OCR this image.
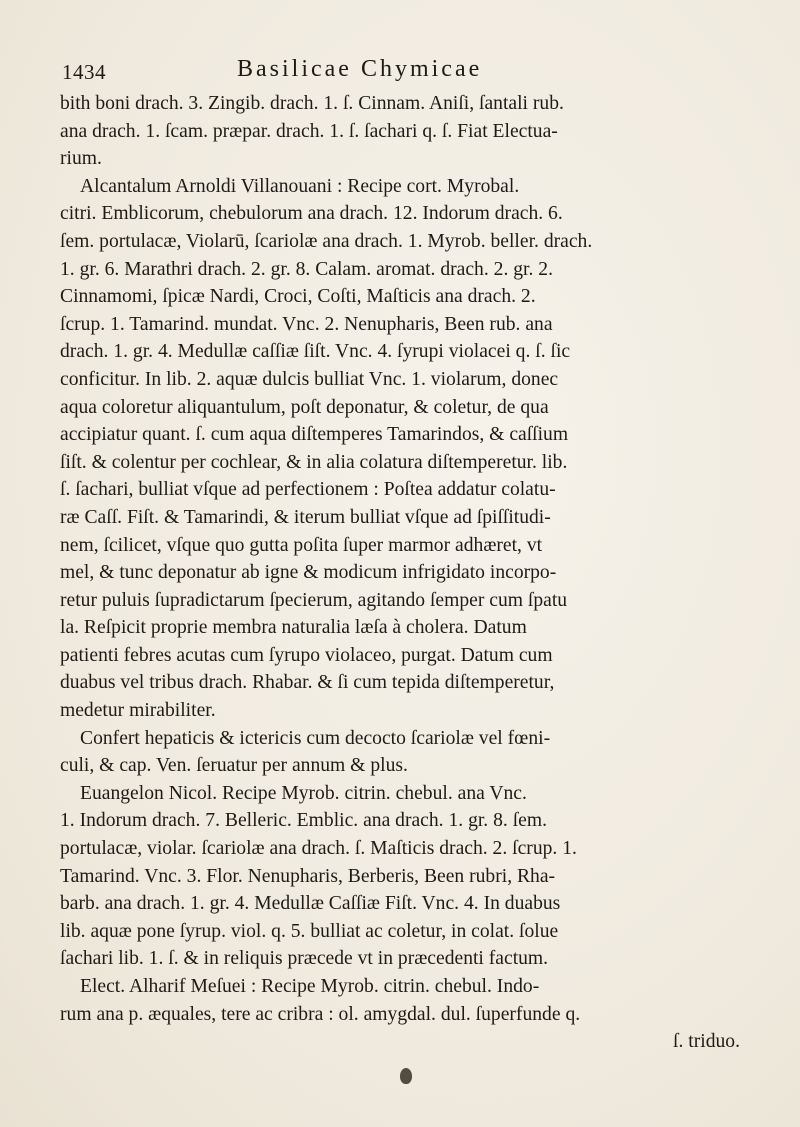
1434	Basilicae Chymicae
bith boni drach. 3. Zingib. drach. 1. ſ. Cinnam. Aniſi, ſantali rub.
ana drach. 1. ſcam. præpar. drach. 1. ſ. ſachari q. ſ. Fiat Electua-
rium.
Alcantalum Arnoldi Villanouani : Recipe cort. Myrobal.
citri. Emblicorum, chebulorum ana drach. 12. Indorum drach. 6.
ſem. portulacæ, Violarū, ſcariolæ ana drach. 1. Myrob. beller. drach.
1. gr. 6. Marathri drach. 2. gr. 8. Calam. aromat. drach. 2. gr. 2.
Cinnamomi, ſpicæ Nardi, Croci, Coſti, Maſticis ana drach. 2.
ſcrup. 1. Tamarind. mundat. Vnc. 2. Nenupharis, Been rub. ana
drach. 1. gr. 4. Medullæ caſſiæ ſiſt. Vnc. 4. ſyrupi violacei q. ſ. ſic
conficitur. In lib. 2. aquæ dulcis bulliat Vnc. 1. violarum, donec
aqua coloretur aliquantulum, poſt deponatur, & coletur, de qua
accipiatur quant. ſ. cum aqua diſtemperes Tamarindos, & caſſium
ſiſt. & colentur per cochlear, & in alia colatura diſtemperetur. lib.
ſ. ſachari, bulliat vſque ad perfectionem : Poſtea addatur colatu-
ræ Caſſ. Fiſt. & Tamarindi, & iterum bulliat vſque ad ſpiſſitudi-
nem, ſcilicet, vſque quo gutta poſita ſuper marmor adhæret, vt
mel, & tunc deponatur ab igne & modicum infrigidato incorpo-
retur puluis ſupradictarum ſpecierum, agitando ſemper cum ſpatu
la. Reſpicit proprie membra naturalia læſa à cholera. Datum
patienti febres acutas cum ſyrupo violaceo, purgat. Datum cum
duabus vel tribus drach. Rhabar. & ſi cum tepida diſtemperetur,
medetur mirabiliter.
Confert hepaticis & ictericis cum decocto ſcariolæ vel fœni-
culi, & cap. Ven. ſeruatur per annum & plus.
Euangelon Nicol. Recipe Myrob. citrin. chebul. ana Vnc.
1. Indorum drach. 7. Belleric. Emblic. ana drach. 1. gr. 8. ſem.
portulacæ, violar. ſcariolæ ana drach. ſ. Maſticis drach. 2. ſcrup. 1.
Tamarind. Vnc. 3. Flor. Nenupharis, Berberis, Been rubri, Rha-
barb. ana drach. 1. gr. 4. Medullæ Caſſiæ Fiſt. Vnc. 4. In duabus
lib. aquæ pone ſyrup. viol. q. 5. bulliat ac coletur, in colat. ſolue
ſachari lib. 1. ſ. & in reliquis præcede vt in præcedenti factum.
Elect. Alharif Meſuei : Recipe Myrob. citrin. chebul. Indo-
rum ana p. æquales, tere ac cribra : ol. amygdal. dul. ſuperfunde q.
ſ. triduo.
